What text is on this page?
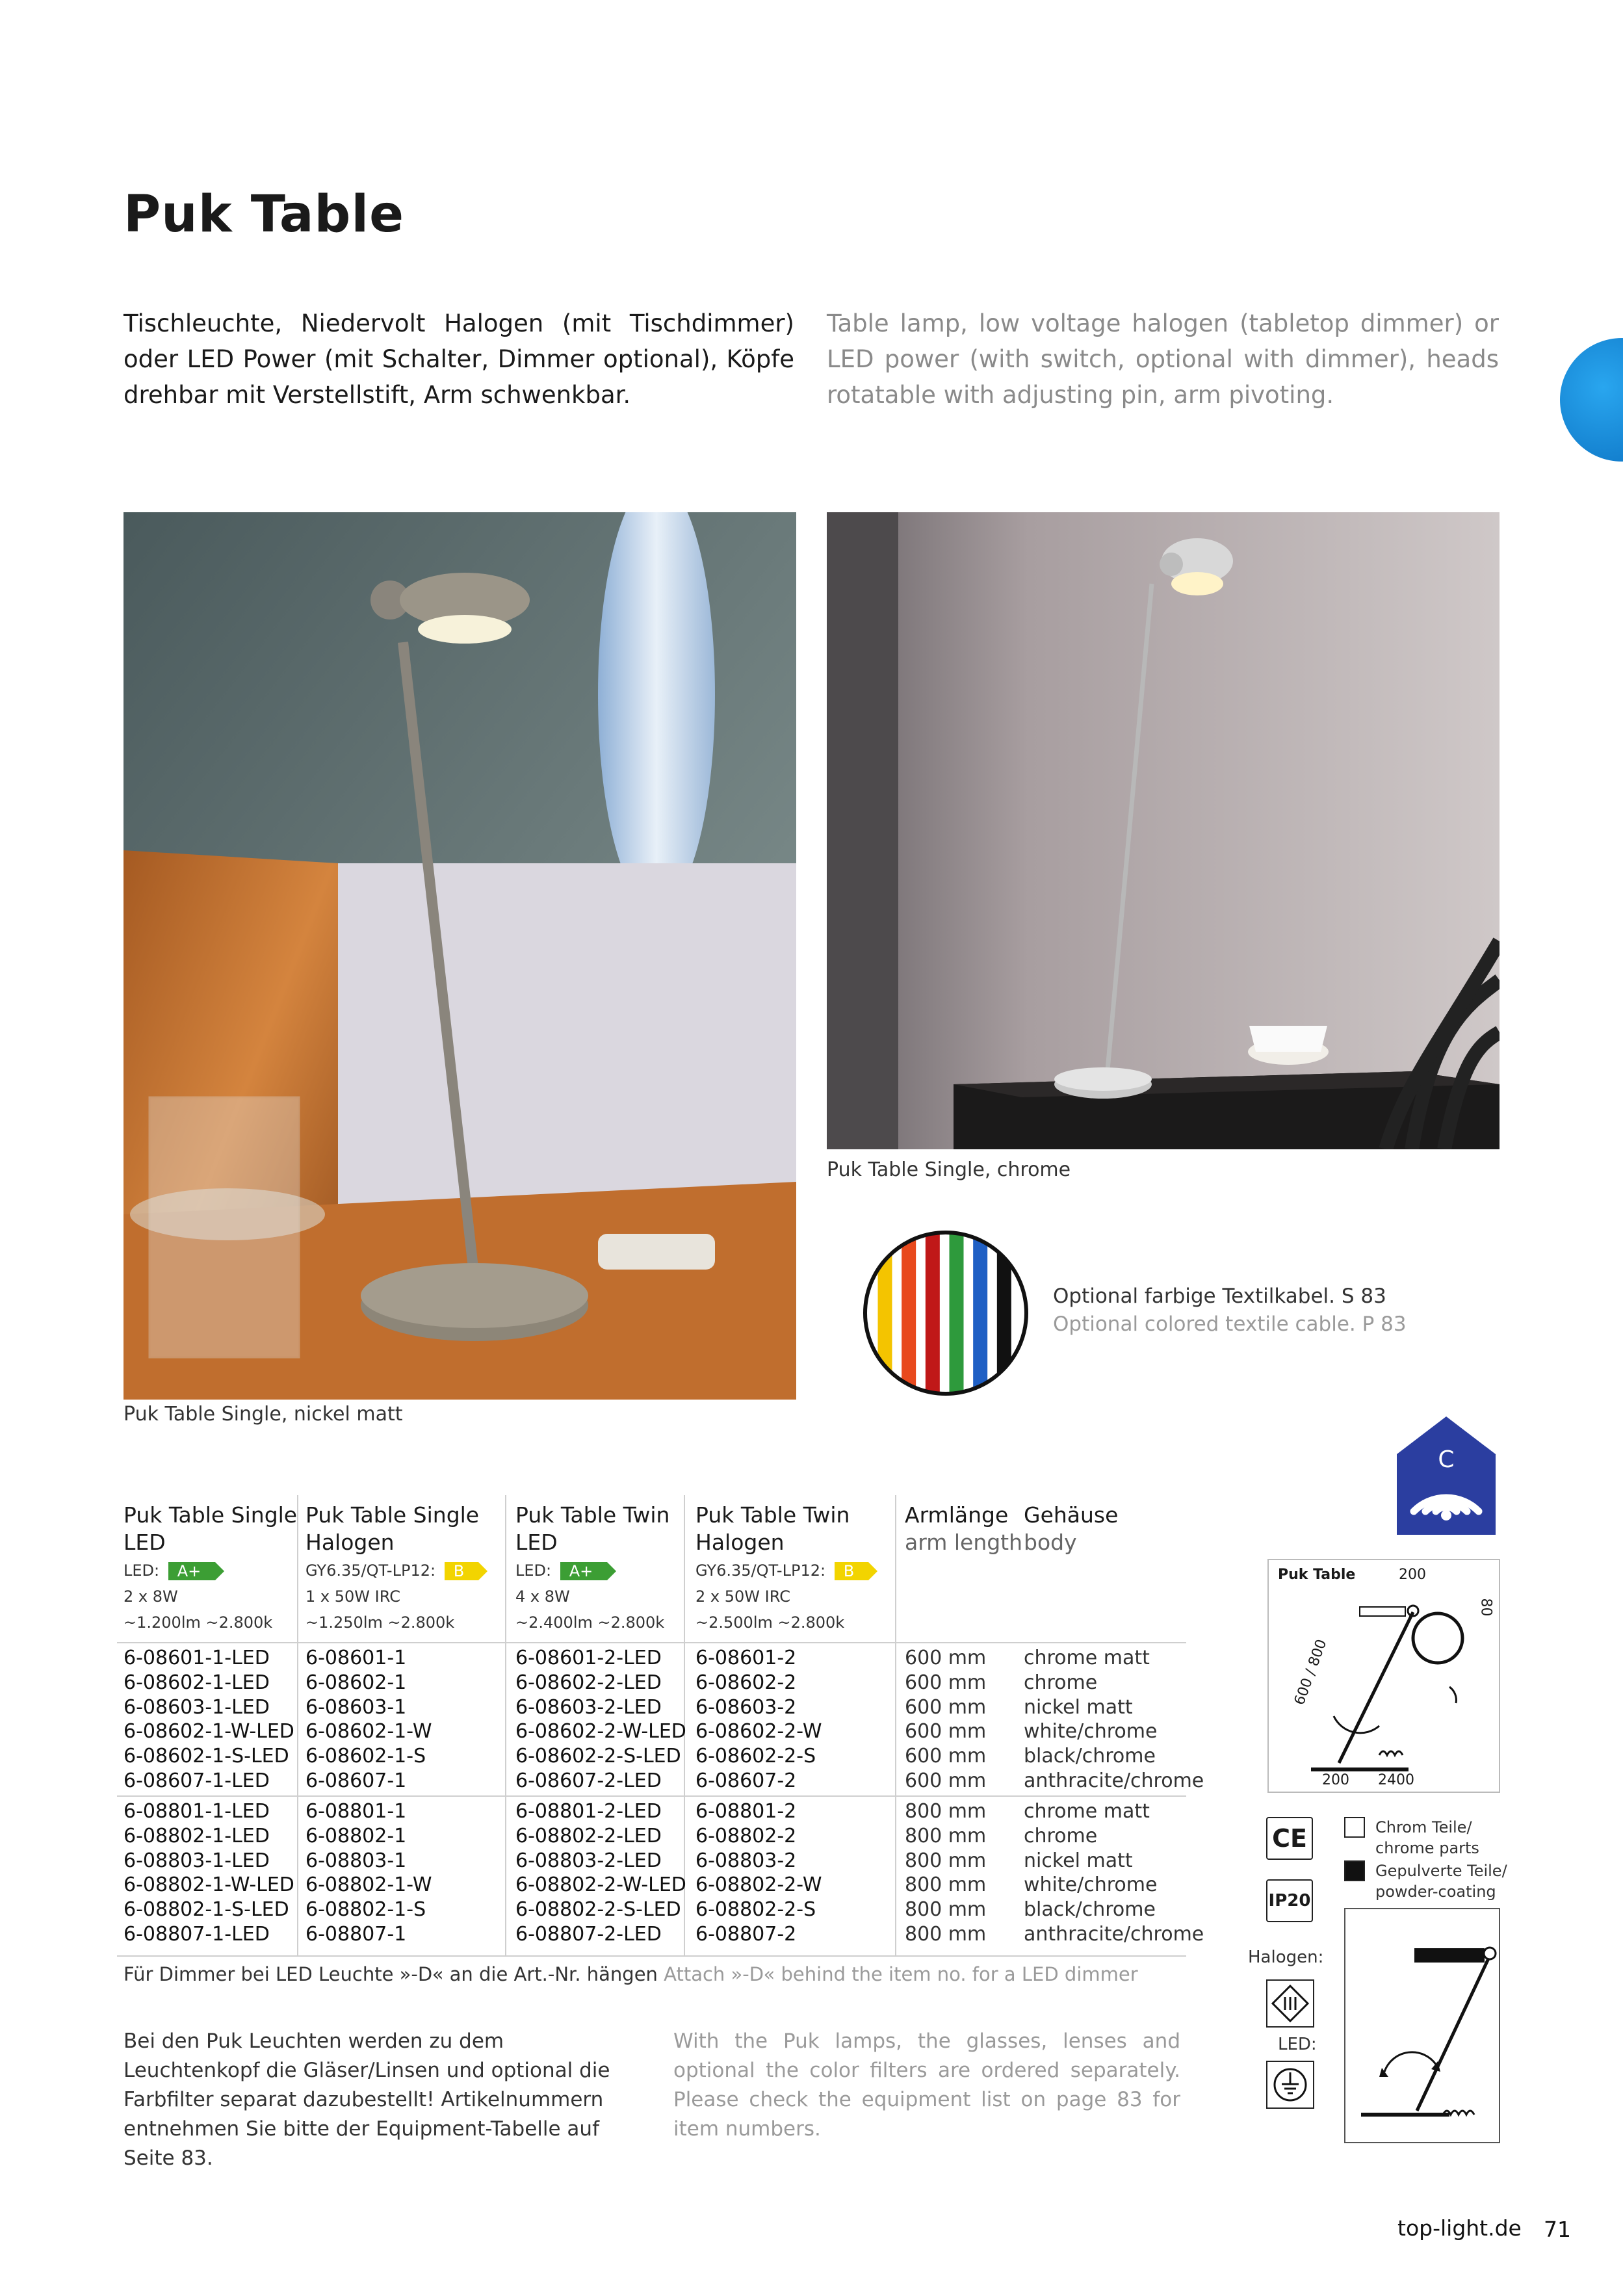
Puk Table
Tischleuchte, Niedervolt Halogen (mit Tischdimmer) oder LED Power (mit Schalter, Dimmer optional), Köpfe drehbar mit Verstellstift, Arm schwenkbar.
Table lamp, low voltage halogen (tabletop dimmer) or LED power (with switch, optional with dimmer), heads rotatable with adjusting pin, arm pivoting.
Puk Table Single, nickel matt
Puk Table Single, chrome
Optional farbige Textilkabel. S 83
Optional colored textile cable. P 83
C
Puk Table Single
LED
LED: A+
2 x 8W
~1.200lm ~2.800k
Puk Table Single
Halogen
GY6.35/QT-LP12: B
1 x 50W IRC
~1.250lm ~2.800k
Puk Table Twin
LED
LED: A+
4 x 8W
~2.400lm ~2.800k
Puk Table Twin
Halogen
GY6.35/QT-LP12: B
2 x 50W IRC
~2.500lm ~2.800k
Armlänge
arm length
Gehäuse
body
6-08601-1-LED
6-08602-1-LED
6-08603-1-LED
6-08602-1-W-LED
6-08602-1-S-LED
6-08607-1-LED
6-08601-1
6-08602-1
6-08603-1
6-08602-1-W
6-08602-1-S
6-08607-1
6-08601-2-LED
6-08602-2-LED
6-08603-2-LED
6-08602-2-W-LED
6-08602-2-S-LED
6-08607-2-LED
6-08601-2
6-08602-2
6-08603-2
6-08602-2-W
6-08602-2-S
6-08607-2
600 mm
600 mm
600 mm
600 mm
600 mm
600 mm
chrome matt
chrome
nickel matt
white/chrome
black/chrome
anthracite/chrome
6-08801-1-LED
6-08802-1-LED
6-08803-1-LED
6-08802-1-W-LED
6-08802-1-S-LED
6-08807-1-LED
6-08801-1
6-08802-1
6-08803-1
6-08802-1-W
6-08802-1-S
6-08807-1
6-08801-2-LED
6-08802-2-LED
6-08803-2-LED
6-08802-2-W-LED
6-08802-2-S-LED
6-08807-2-LED
6-08801-2
6-08802-2
6-08803-2
6-08802-2-W
6-08802-2-S
6-08807-2
800 mm
800 mm
800 mm
800 mm
800 mm
800 mm
chrome matt
chrome
nickel matt
white/chrome
black/chrome
anthracite/chrome
Für Dimmer bei LED Leuchte »-D« an die Art.-Nr. hängen Attach »-D« behind the item no. for a LED dimmer
Bei den Puk Leuchten werden zu dem Leuchtenkopf die Gläser/Linsen und optional die Farbfilter separat dazubestellt! Artikelnummern entnehmen Sie bitte der Equipment-Tabelle auf Seite 83.
With the Puk lamps, the glasses, lenses and optional the color filters are ordered separately. Please check the equipment list on page 83 for item numbers.
Puk Table	200
80
600 / 800
200 2400
CE
IP20
Chrom Teile/
chrome parts
Gepulverte Teile/
powder-coating
Halogen:
LED:
top-light.de 71
